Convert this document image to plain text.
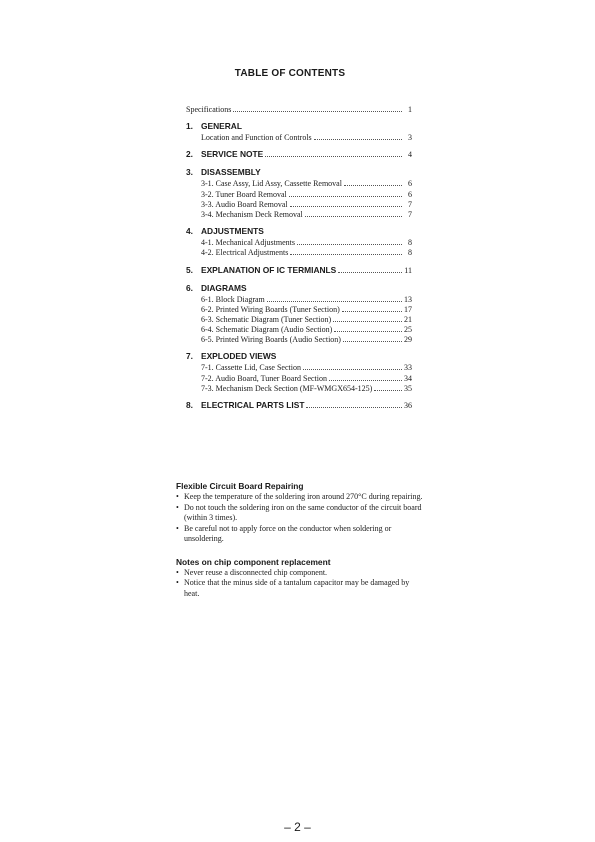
TABLE OF CONTENTS
Specifications	1
1. GENERAL
Location and Function of Controls	3
2. SERVICE NOTE	4
3. DISASSEMBLY
3-1. Case Assy, Lid Assy, Cassette Removal	6
3-2. Tuner Board Removal	6
3-3. Audio Board Removal	7
3-4. Mechanism Deck Removal	7
4. ADJUSTMENTS
4-1. Mechanical Adjustments	8
4-2. Electrical Adjustments	8
5. EXPLANATION OF IC TERMIANLS	11
6. DIAGRAMS
6-1. Block Diagram	13
6-2. Printed Wiring Boards (Tuner Section)	17
6-3. Schematic Diagram (Tuner Section)	21
6-4. Schematic Diagram (Audio Section)	25
6-5. Printed Wiring Boards (Audio Section)	29
7. EXPLODED VIEWS
7-1. Cassette Lid, Case Section	33
7-2. Audio Board, Tuner Board Section	34
7-3. Mechanism Deck Section (MF-WMGX654-125)	35
8. ELECTRICAL PARTS LIST	36
Flexible Circuit Board Repairing
• Keep the temperature of the soldering iron around 270°C during repairing.
• Do not touch the soldering iron on the same conductor of the circuit board (within 3 times).
• Be careful not to apply force on the conductor when soldering or unsoldering.
Notes on chip component replacement
• Never reuse a disconnected chip component.
• Notice that the minus side of a tantalum capacitor may be damaged by heat.
– 2 –
